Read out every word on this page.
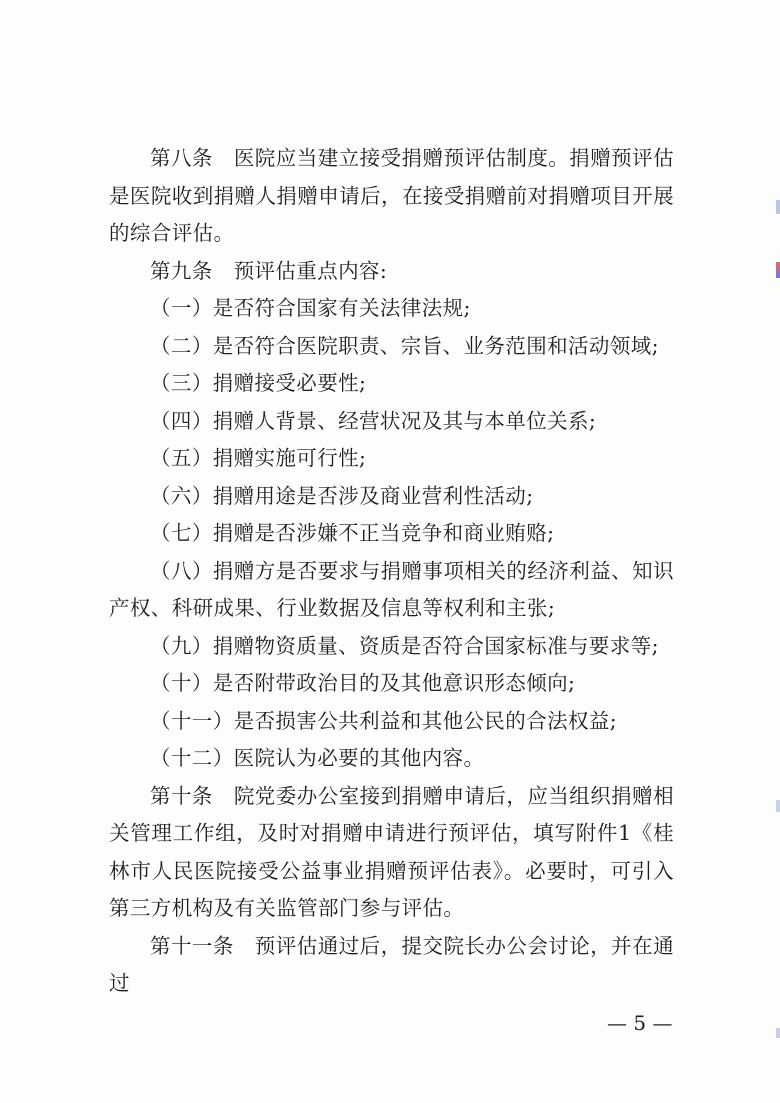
第八条　医院应当建立接受捐赠预评估制度。捐赠预评估是医院收到捐赠人捐赠申请后，在接受捐赠前对捐赠项目开展的综合评估。

第九条　预评估重点内容:

（一）是否符合国家有关法律法规;

（二）是否符合医院职责、宗旨、业务范围和活动领域;

（三）捐赠接受必要性;

（四）捐赠人背景、经营状况及其与本单位关系;

（五）捐赠实施可行性;

（六）捐赠用途是否涉及商业营利性活动;

（七）捐赠是否涉嫌不正当竞争和商业贿赂;

（八）捐赠方是否要求与捐赠事项相关的经济利益、知识产权、科研成果、行业数据及信息等权利和主张;

（九）捐赠物资质量、资质是否符合国家标准与要求等;

（十）是否附带政治目的及其他意识形态倾向;

（十一）是否损害公共利益和其他公民的合法权益;

（十二）医院认为必要的其他内容。

第十条　院党委办公室接到捐赠申请后，应当组织捐赠相关管理工作组，及时对捐赠申请进行预评估，填写附件1《桂林市人民医院接受公益事业捐赠预评估表》。必要时，可引入第三方机构及有关监管部门参与评估。

第十一条　预评估通过后，提交院长办公会讨论，并在通过

— 5 —
